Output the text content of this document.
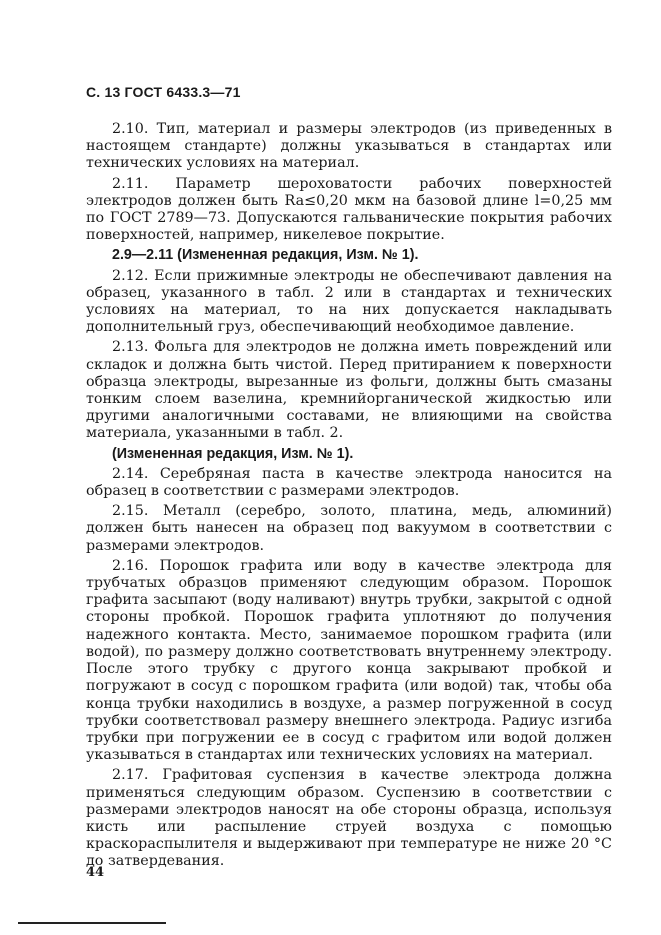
С. 13 ГОСТ 6433.3—71

2.10. Тип, материал и размеры электродов (из приведенных в настоящем стандарте) должны указываться в стандартах или технических условиях на материал.

2.11. Параметр шероховатости рабочих поверхностей электродов должен быть Ra≤0,20 мкм на базовой длине l=0,25 мм по ГОСТ 2789—73. Допускаются гальванические покрытия рабочих поверхностей, например, никелевое покрытие.

2.9—2.11 (Измененная редакция, Изм. № 1).

2.12. Если прижимные электроды не обеспечивают давления на образец, указанного в табл. 2 или в стандартах и технических условиях на материал, то на них допускается накладывать дополнительный груз, обеспечивающий необходимое давление.

2.13. Фольга для электродов не должна иметь повреждений или складок и должна быть чистой. Перед притиранием к поверхности образца электроды, вырезанные из фольги, должны быть смазаны тонким слоем вазелина, кремнийорганической жидкостью или другими аналогичными составами, не влияющими на свойства материала, указанными в табл. 2.

(Измененная редакция, Изм. № 1).

2.14. Серебряная паста в качестве электрода наносится на образец в соответствии с размерами электродов.

2.15. Металл (серебро, золото, платина, медь, алюминий) должен быть нанесен на образец под вакуумом в соответствии с размерами электродов.

2.16. Порошок графита или воду в качестве электрода для трубчатых образцов применяют следующим образом. Порошок графита засыпают (воду наливают) внутрь трубки, закрытой с одной стороны пробкой. Порошок графита уплотняют до получения надежного контакта. Место, занимаемое порошком графита (или водой), по размеру должно соответствовать внутреннему электроду. После этого трубку с другого конца закрывают пробкой и погружают в сосуд с порошком графита (или водой) так, чтобы оба конца трубки находились в воздухе, а размер погруженной в сосуд трубки соответствовал размеру внешнего электрода. Радиус изгиба трубки при погружении ее в сосуд с графитом или водой должен указываться в стандартах или технических условиях на материал.

2.17. Графитовая суспензия в качестве электрода должна применяться следующим образом. Суспензию в соответствии с размерами электродов наносят на обе стороны образца, используя кисть или распыление струей воздуха с помощью краскораспылителя и выдерживают при температуре не ниже 20 °C до затвердевания.

44
